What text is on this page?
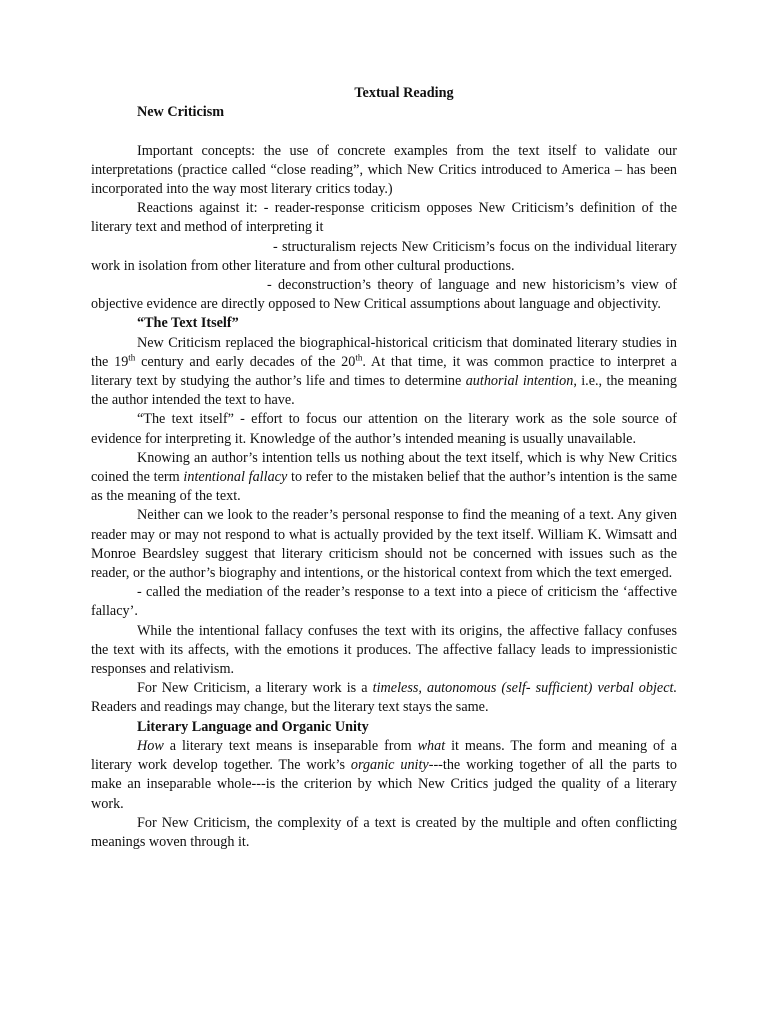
Textual Reading
New Criticism

Important concepts: the use of concrete examples from the text itself to validate our interpretations (practice called “close reading”, which New Critics introduced to America – has been incorporated into the way most literary critics today.)

Reactions against it: - reader-response criticism opposes New Criticism’s definition of the literary text and method of interpreting it

- structuralism rejects New Criticism’s focus on the individual literary work in isolation from other literature and from other cultural productions.

- deconstruction’s theory of language and new historicism’s view of objective evidence are directly opposed to New Critical assumptions about language and objectivity.

“The Text Itself”

New Criticism replaced the biographical-historical criticism that dominated literary studies in the 19th century and early decades of the 20th. At that time, it was common practice to interpret a literary text by studying the author’s life and times to determine authorial intention, i.e., the meaning the author intended the text to have.

“The text itself” - effort to focus our attention on the literary work as the sole source of evidence for interpreting it. Knowledge of the author’s intended meaning is usually unavailable.

Knowing an author’s intention tells us nothing about the text itself, which is why New Critics coined the term intentional fallacy to refer to the mistaken belief that the author’s intention is the same as the meaning of the text.

Neither can we look to the reader’s personal response to find the meaning of a text. Any given reader may or may not respond to what is actually provided by the text itself. William K. Wimsatt and Monroe Beardsley suggest that literary criticism should not be concerned with issues such as the reader, or the author’s biography and intentions, or the historical context from which the text emerged.

- called the mediation of the reader’s response to a text into a piece of criticism the ‘affective fallacy’.

While the intentional fallacy confuses the text with its origins, the affective fallacy confuses the text with its affects, with the emotions it produces. The affective fallacy leads to impressionistic responses and relativism.

For New Criticism, a literary work is a timeless, autonomous (self- sufficient) verbal object. Readers and readings may change, but the literary text stays the same.

Literary Language and Organic Unity

How a literary text means is inseparable from what it means. The form and meaning of a literary work develop together. The work’s organic unity---the working together of all the parts to make an inseparable whole---is the criterion by which New Critics judged the quality of a literary work.

For New Criticism, the complexity of a text is created by the multiple and often conflicting meanings woven through it.
